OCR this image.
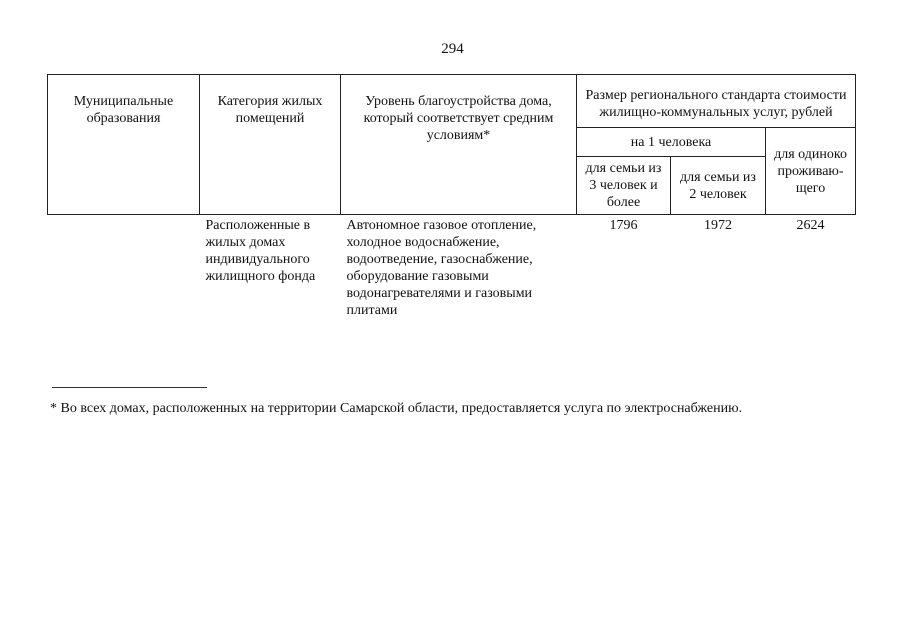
294
Муниципальные образования	Категория жилых помещений	Уровень благоустройства дома, который соответствует средним условиям*	Размер регионального стандарта стоимости жилищно-коммунальных услуг, рублей		
			на 1 человека		для одиноко проживаю-щего
			для семьи из 3 человек и более	для семьи из 2 человек	
	Расположенные в жилых домах индивидуального жилищного фонда	Автономное газовое отопление, холодное водоснабжение, водоотведение, газоснабжение, оборудование газовыми водонагревателями и газовыми плитами	1796	1972	2624
* Во всех домах, расположенных на территории Самарской области, предоставляется услуга по электроснабжению.
